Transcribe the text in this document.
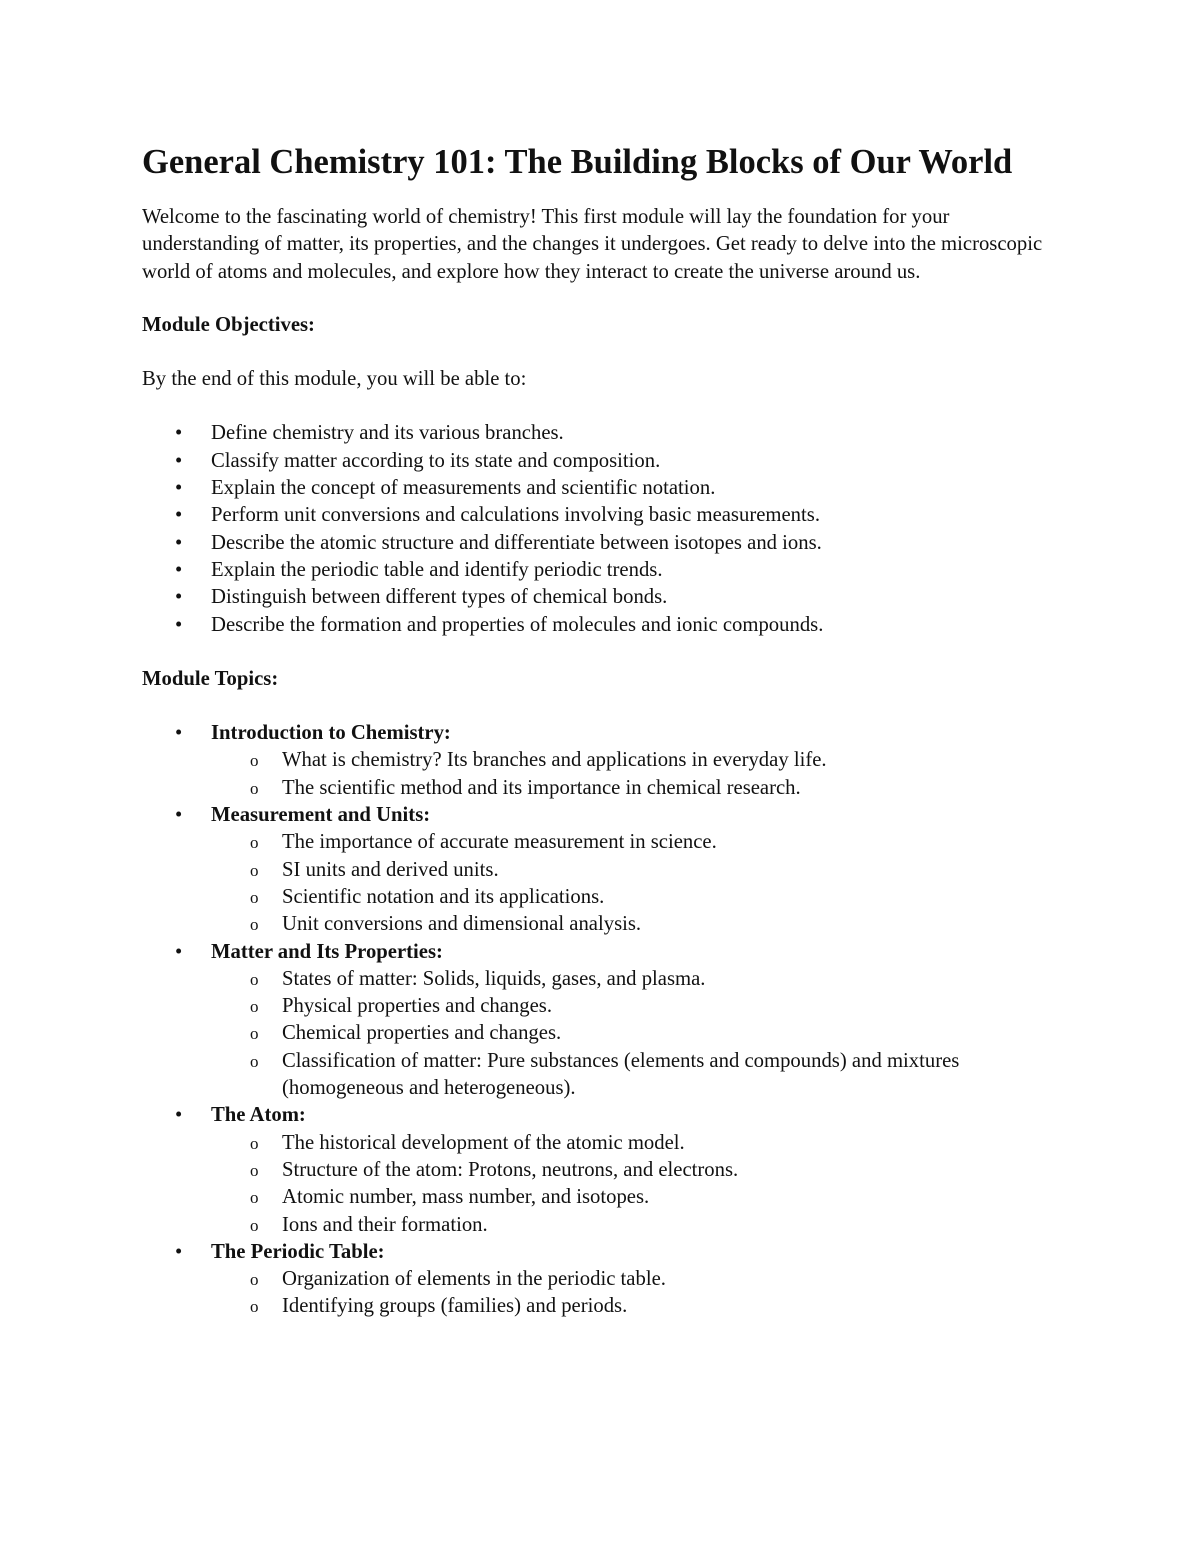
General Chemistry 101: The Building Blocks of Our World

Welcome to the fascinating world of chemistry! This first module will lay the foundation for your understanding of matter, its properties, and the changes it undergoes. Get ready to delve into the microscopic world of atoms and molecules, and explore how they interact to create the universe around us.

Module Objectives:

By the end of this module, you will be able to:

• Define chemistry and its various branches.
• Classify matter according to its state and composition.
• Explain the concept of measurements and scientific notation.
• Perform unit conversions and calculations involving basic measurements.
• Describe the atomic structure and differentiate between isotopes and ions.
• Explain the periodic table and identify periodic trends.
• Distinguish between different types of chemical bonds.
• Describe the formation and properties of molecules and ionic compounds.

Module Topics:

• Introduction to Chemistry:
o What is chemistry? Its branches and applications in everyday life.
o The scientific method and its importance in chemical research.
• Measurement and Units:
o The importance of accurate measurement in science.
o SI units and derived units.
o Scientific notation and its applications.
o Unit conversions and dimensional analysis.
• Matter and Its Properties:
o States of matter: Solids, liquids, gases, and plasma.
o Physical properties and changes.
o Chemical properties and changes.
o Classification of matter: Pure substances (elements and compounds) and mixtures (homogeneous and heterogeneous).
• The Atom:
o The historical development of the atomic model.
o Structure of the atom: Protons, neutrons, and electrons.
o Atomic number, mass number, and isotopes.
o Ions and their formation.
• The Periodic Table:
o Organization of elements in the periodic table.
o Identifying groups (families) and periods.
